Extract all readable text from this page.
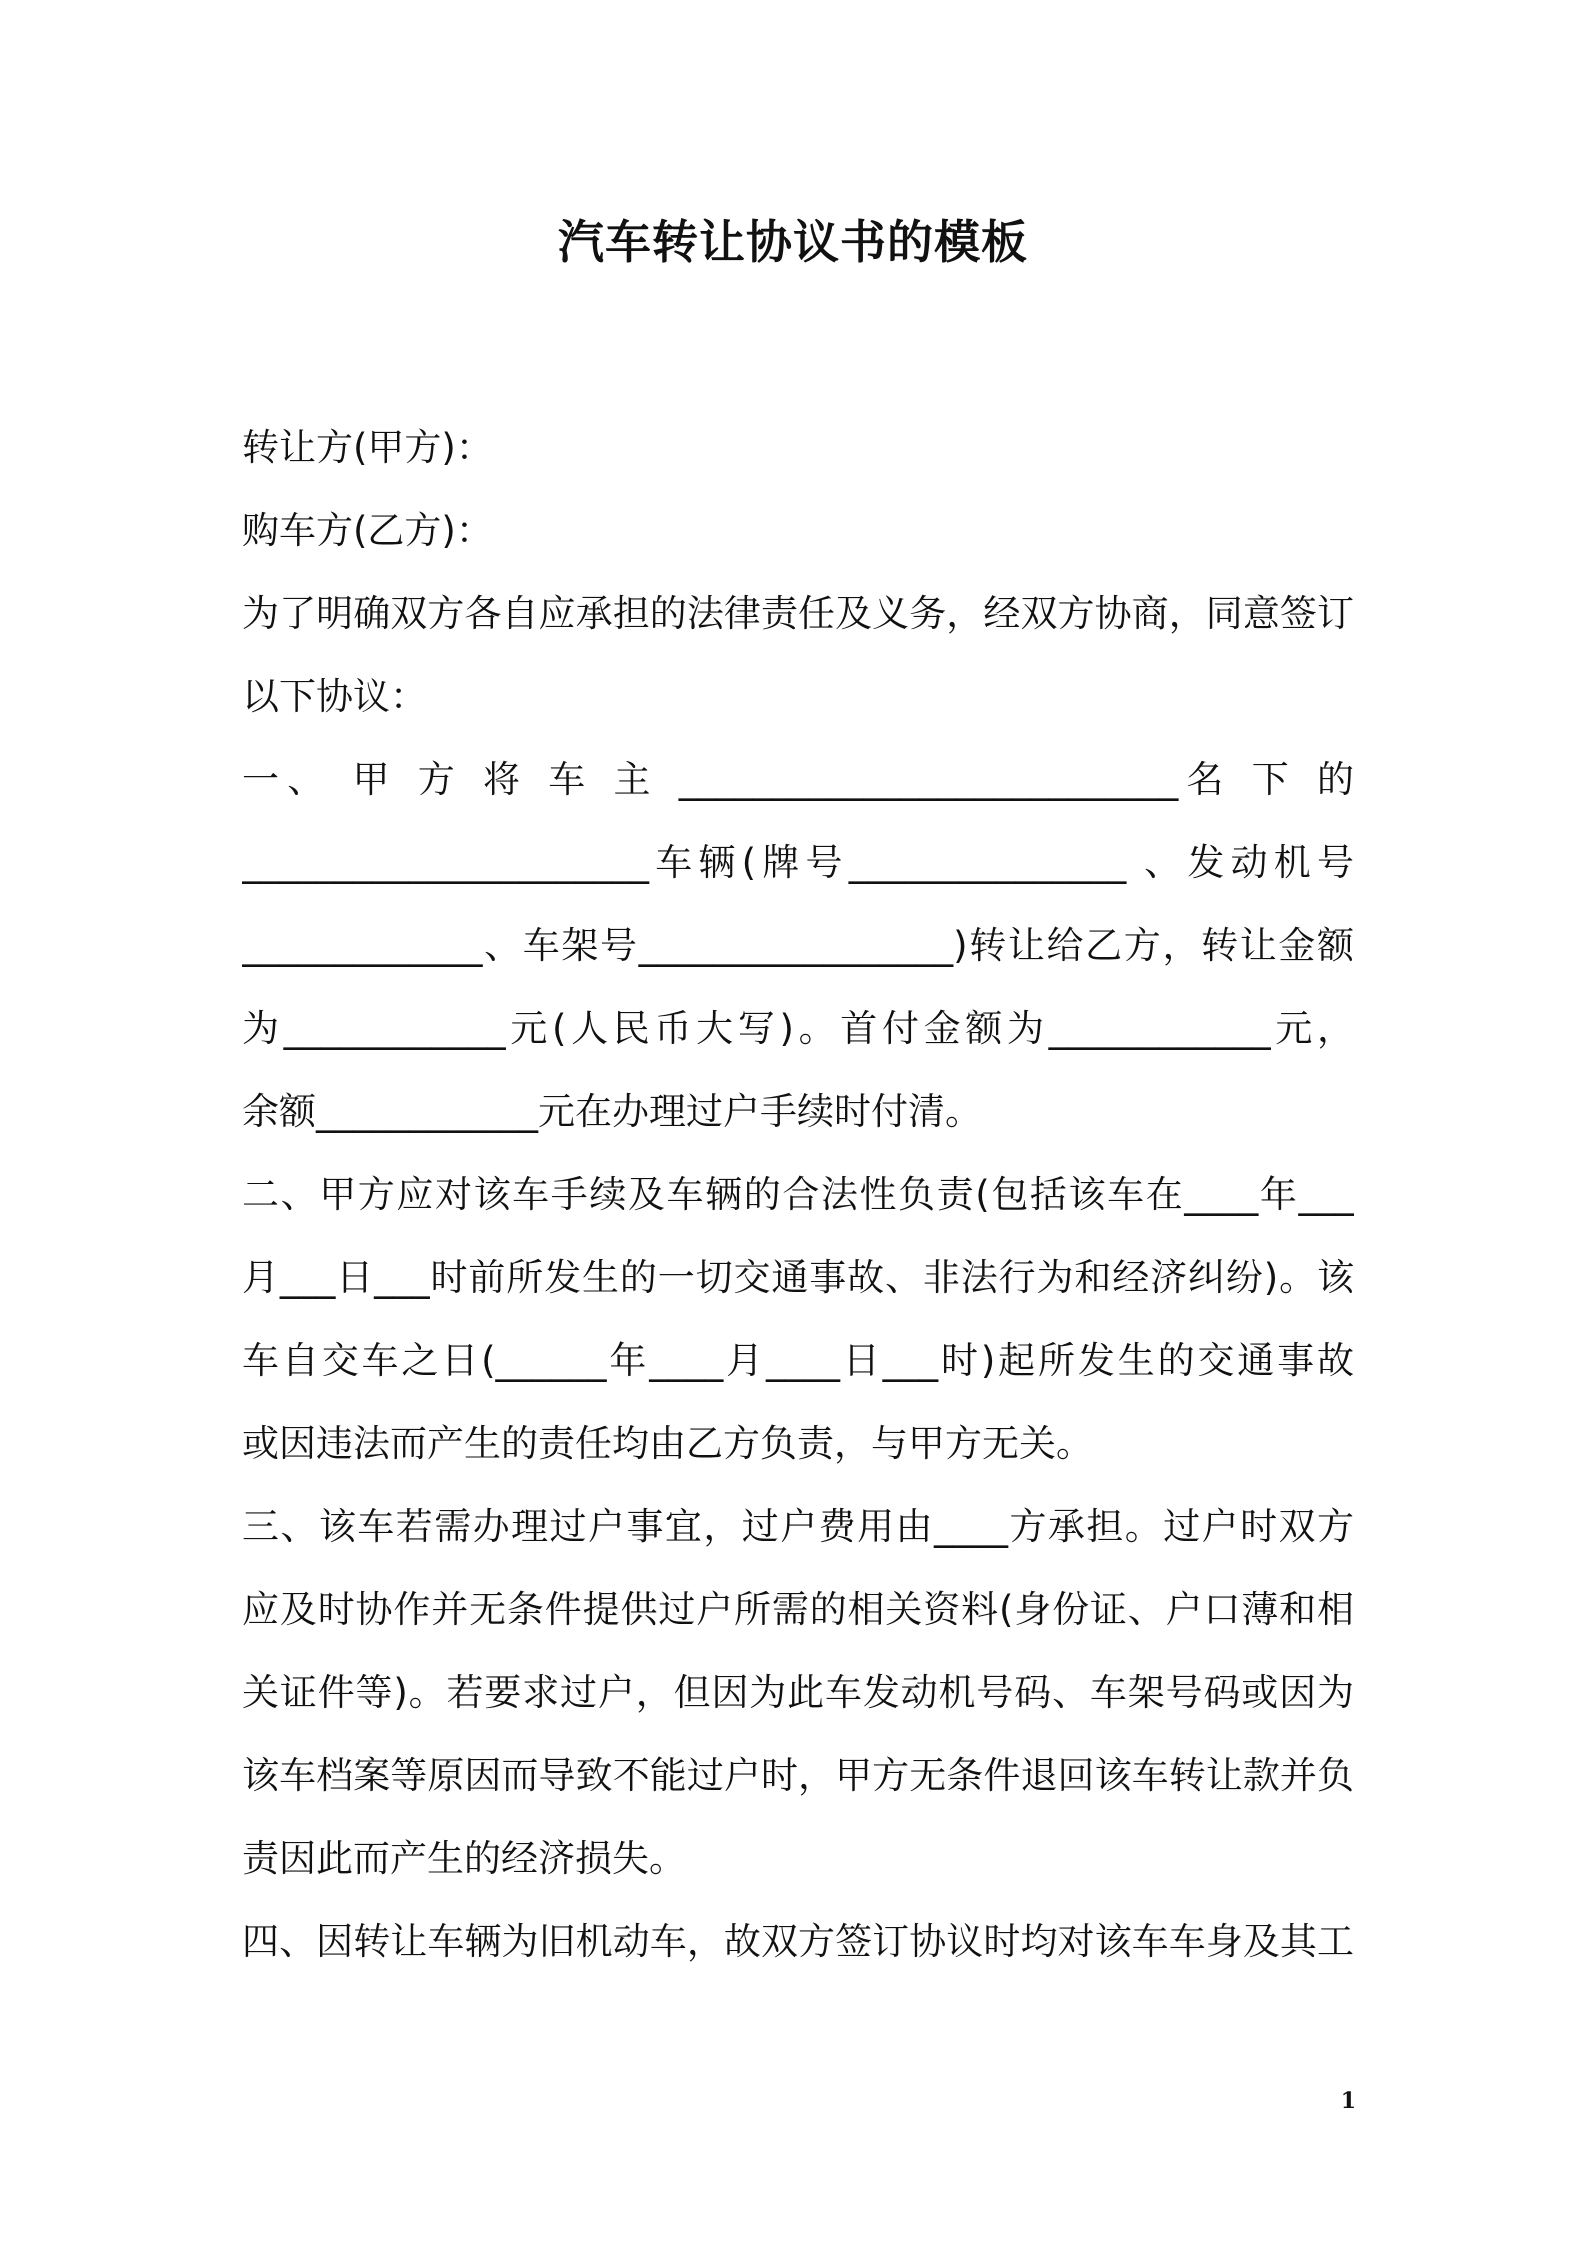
汽车转让协议书的模板
转让方(甲方)：
购车方(乙方)：
为了明确双方各自应承担的法律责任及义务，经双方协商，同意签订
以下协议：
一、 甲 方 将 车 主 ___________________________名 下 的
______________________车辆(牌号_______________ 、发动机号
_____________、车架号_________________)转让给乙方，转让金额
为____________元(人民币大写)。首付金额为____________元，
余额____________元在办理过户手续时付清。
二、甲方应对该车手续及车辆的合法性负责(包括该车在____年___
月___日___时前所发生的一切交通事故、非法行为和经济纠纷)。该
车自交车之日(______年____月____日___时)起所发生的交通事故
或因违法而产生的责任均由乙方负责，与甲方无关。
三、该车若需办理过户事宜，过户费用由____方承担。过户时双方
应及时协作并无条件提供过户所需的相关资料(身份证、户口薄和相
关证件等)。若要求过户，但因为此车发动机号码、车架号码或因为
该车档案等原因而导致不能过户时，甲方无条件退回该车转让款并负
责因此而产生的经济损失。
四、因转让车辆为旧机动车，故双方签订协议时均对该车车身及其工
1
